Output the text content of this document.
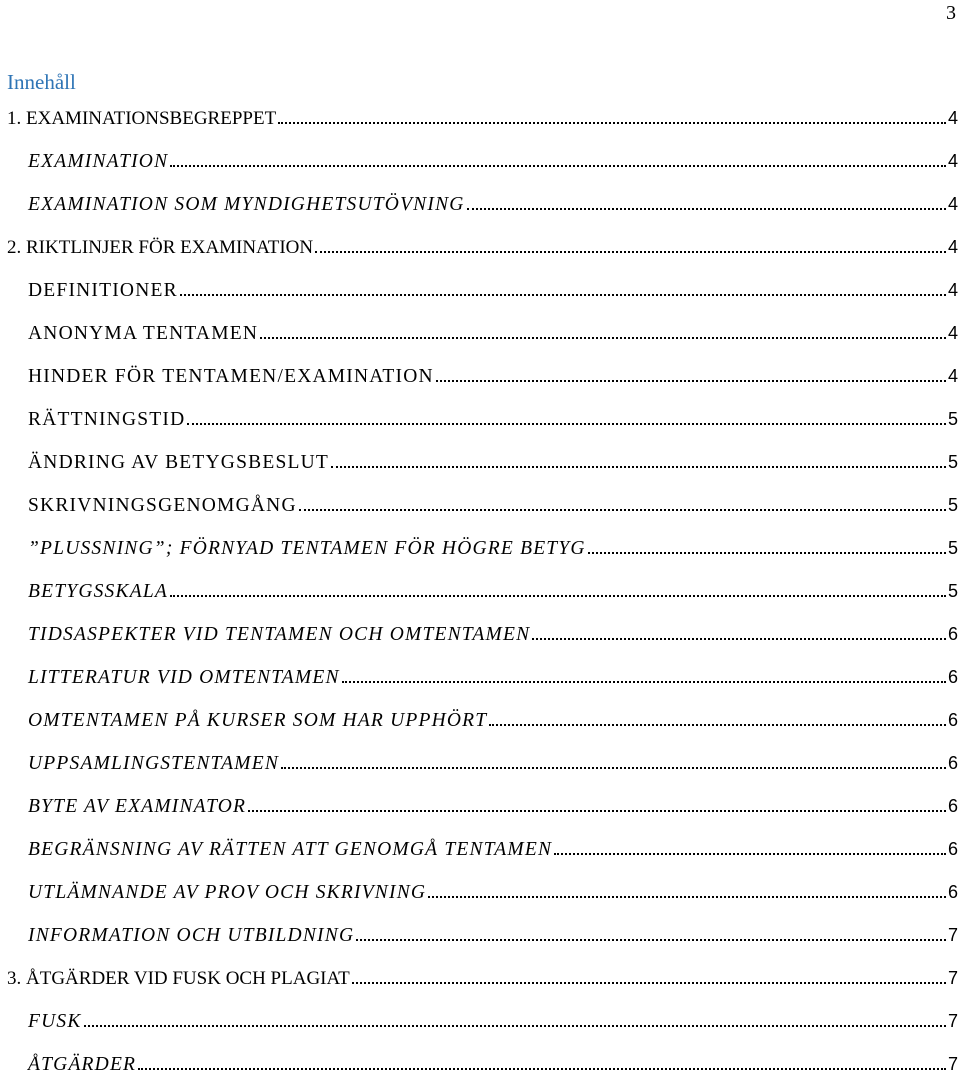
3
Innehåll
1. EXAMINATIONSBEGREPPET	4
EXAMINATION	4
EXAMINATION SOM MYNDIGHETSUTÖVNING	4
2. RIKTLINJER FÖR EXAMINATION	4
DEFINITIONER	4
ANONYMA TENTAMEN	4
HINDER FÖR TENTAMEN/EXAMINATION	4
RÄTTNINGSTID	5
ÄNDRING AV BETYGSBESLUT	5
SKRIVNINGSGENOMGÅNG	5
”PLUSSNING”; FÖRNYAD TENTAMEN FÖR HÖGRE BETYG	5
BETYGSSKALA	5
TIDSASPEKTER VID TENTAMEN OCH OMTENTAMEN	6
LITTERATUR VID OMTENTAMEN	6
OMTENTAMEN PÅ KURSER SOM HAR UPPHÖRT	6
UPPSAMLINGSTENTAMEN	6
BYTE AV EXAMINATOR	6
BEGRÄNSNING AV RÄTTEN ATT GENOMGÅ TENTAMEN	6
UTLÄMNANDE AV PROV OCH SKRIVNING	6
INFORMATION OCH UTBILDNING	7
3. ÅTGÄRDER VID FUSK OCH PLAGIAT	7
FUSK	7
ÅTGÄRDER	7
